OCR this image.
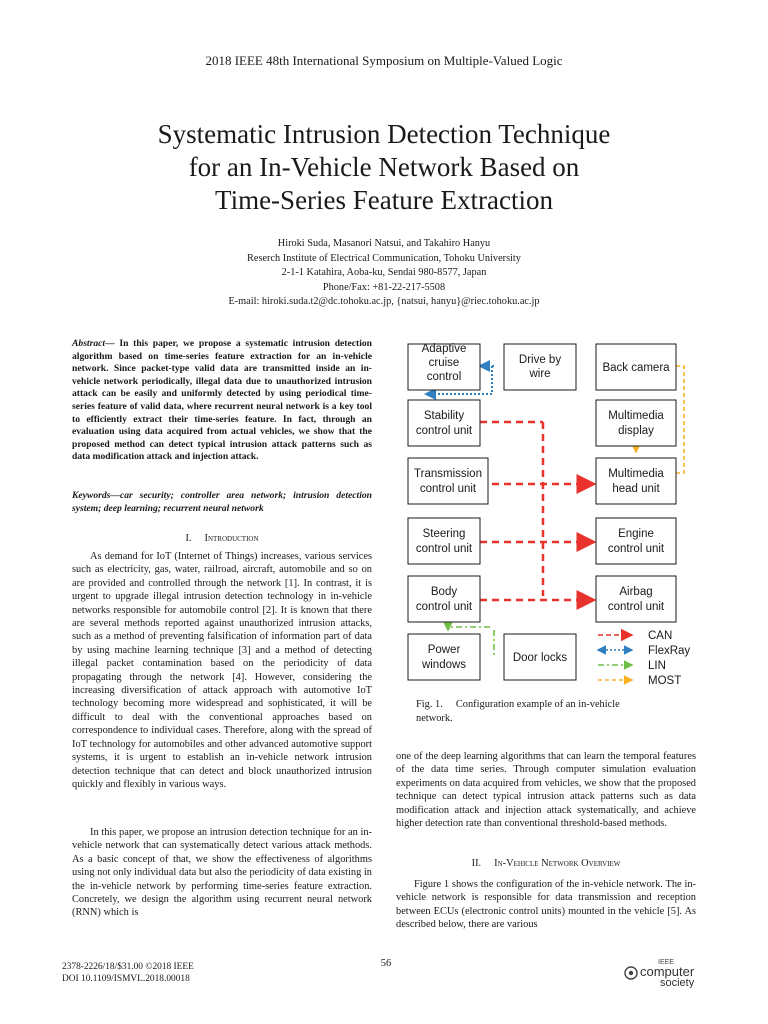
2018 IEEE 48th International Symposium on Multiple-Valued Logic
Systematic Intrusion Detection Technique
for an In-Vehicle Network Based on
Time-Series Feature Extraction
Hiroki Suda, Masanori Natsui, and Takahiro Hanyu
Reserch Institute of Electrical Communication, Tohoku University
2-1-1 Katahira, Aoba-ku, Sendai 980-8577, Japan
Phone/Fax: +81-22-217-5508
E-mail: hiroki.suda.t2@dc.tohoku.ac.jp, {natsui, hanyu}@riec.tohoku.ac.jp
Abstract— In this paper, we propose a systematic intrusion detection algorithm based on time-series feature extraction for an in-vehicle network. Since packet-type valid data are transmitted inside an in-vehicle network periodically, illegal data due to unauthorized intrusion attack can be easily and uniformly detected by using periodical time-series feature of valid data, where recurrent neural network is a key tool to efficiently extract their time-series feature. In fact, through an evaluation using data acquired from actual vehicles, we show that the proposed method can detect typical intrusion attack patterns such as data modification attack and injection attack.
Keywords—car security; controller area network; intrusion detection system; deep learning; recurrent neural network
I. Introduction
As demand for IoT (Internet of Things) increases, various services such as electricity, gas, water, railroad, aircraft, automobile and so on are provided and controlled through the network [1]. In contrast, it is urgent to upgrade illegal intrusion detection technology in in-vehicle networks responsible for automobile control [2]. It is known that there are several methods reported against unauthorized intrusion attacks, such as a method of preventing falsification of information part of data by using machine learning technique [3] and a method of detecting illegal packet contamination based on the periodicity of data propagating through the network [4]. However, considering the increasing diversification of attack approach with automotive IoT technology becoming more widespread and sophisticated, it will be difficult to deal with the conventional approaches based on correspondence to individual cases. Therefore, along with the spread of IoT technology for automobiles and other advanced automotive support systems, it is urgent to establish an in-vehicle network intrusion detection technique that can detect and block unauthorized intrusion quickly and flexibly in various ways.
In this paper, we propose an intrusion detection technique for an in-vehicle network that can systematically detect various attack methods. As a basic concept of that, we show the effectiveness of algorithms using not only individual data but also the periodicity of data existing in the in-vehicle network by performing time-series feature extraction. Concretely, we design the algorithm using recurrent neural network (RNN) which is
Adaptive cruise control
Drive by wire	Back camera
Stability control unit
Multimedia display
Transmission control unit
Multimedia head unit
Steering control unit
Engine control unit
Body control unit
Airbag control unit
Power windows
Door locks
CAN
FlexRay
LIN
MOST
Fig. 1. Configuration example of an in-vehicle network.
one of the deep learning algorithms that can learn the temporal features of the data time series. Through computer simulation evaluation experiments on data acquired from vehicles, we show that the proposed technique can detect typical intrusion attack patterns such as data modification attack and injection attack systematically, and achieve higher detection rate than conventional threshold-based methods.
II. In-Vehicle Network Overview
Figure 1 shows the configuration of the in-vehicle network. The in-vehicle network is responsible for data transmission and reception between ECUs (electronic control units) mounted in the vehicle [5]. As described below, there are various
2378-2226/18/$31.00 ©2018 IEEE
DOI 10.1109/ISMVL.2018.00018
56	IEEE
computer
society
